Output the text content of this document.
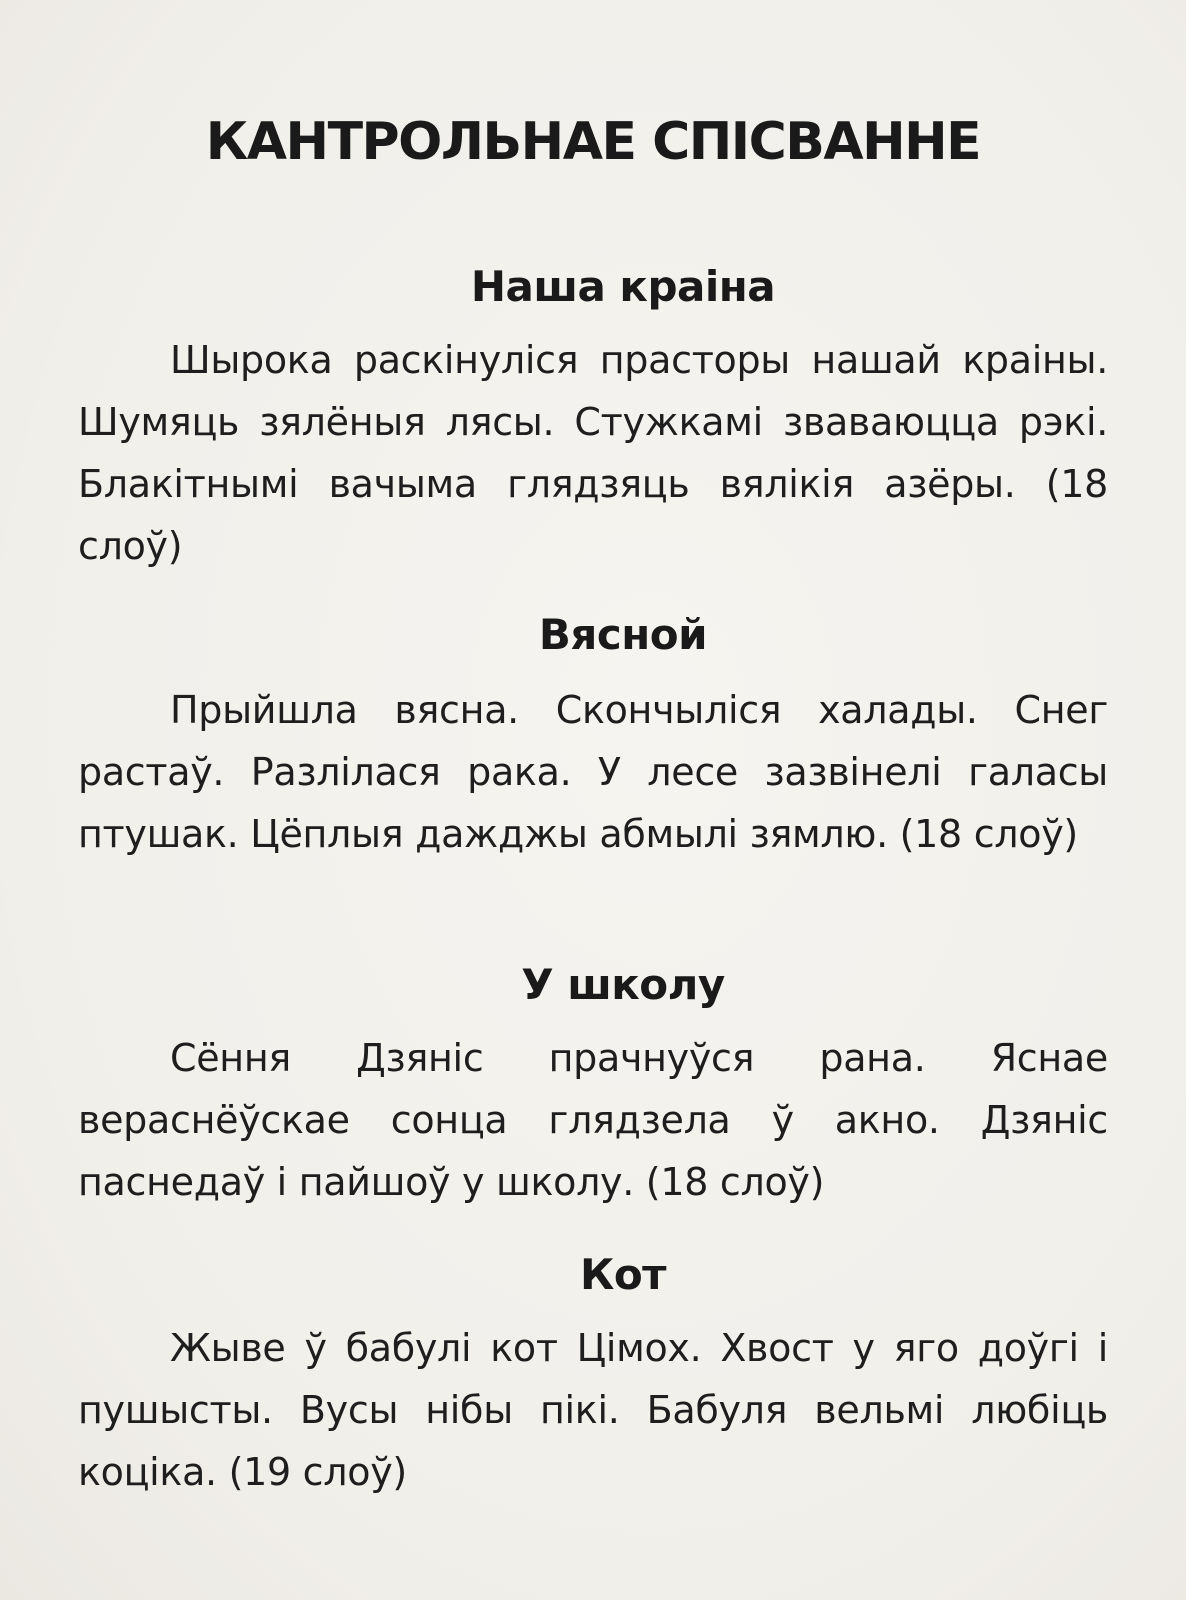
КАНТРОЛЬНАЕ СПІСВАННЕ
Наша краіна

Шырока раскінуліся прасторы нашай краіны. Шумяць зялёныя лясы. Стужкамі зваваюцца рэкі. Блакітнымі вачыма глядзяць вялікія азёры. (18 слоў)

Вясной

Прыйшла вясна. Скончыліся халады. Снег растаў. Разлілася рака. У лесе зазвінелі галасы птушак. Цёплыя дажджы абмылі зямлю. (18 слоў)

У школу

Сёння Дзяніс прачнуўся рана. Яснае вераснёўскае сонца глядзела ў акно. Дзяніс паснедаў і пайшоў у школу. (18 слоў)

Кот

Жыве ў бабулі кот Цімох. Хвост у яго доўгі і пушысты. Вусы нібы пікі. Бабуля вельмі любіць коціка. (19 слоў)
